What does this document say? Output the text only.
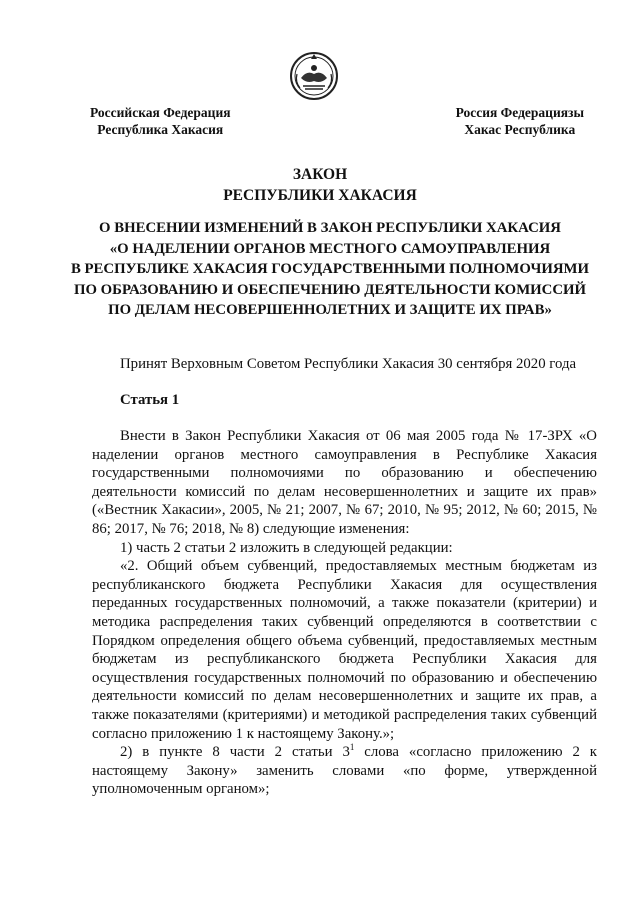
Российская Федерация
Республика Хакасия
Россия Федерациязы
Хакас Республика
ЗАКОН
РЕСПУБЛИКИ ХАКАСИЯ
О ВНЕСЕНИИ ИЗМЕНЕНИЙ В ЗАКОН РЕСПУБЛИКИ ХАКАСИЯ
«О НАДЕЛЕНИИ ОРГАНОВ МЕСТНОГО САМОУПРАВЛЕНИЯ
В РЕСПУБЛИКЕ ХАКАСИЯ ГОСУДАРСТВЕННЫМИ ПОЛНОМОЧИЯМИ
ПО ОБРАЗОВАНИЮ И ОБЕСПЕЧЕНИЮ ДЕЯТЕЛЬНОСТИ КОМИССИЙ
ПО ДЕЛАМ НЕСОВЕРШЕННОЛЕТНИХ И ЗАЩИТЕ ИХ ПРАВ»
Принят Верховным Советом Республики Хакасия 30 сентября 2020 года
Статья 1

Внести в Закон Республики Хакасия от 06 мая 2005 года № 17-ЗРХ «О наделении органов местного самоуправления в Республике Хакасия государственными полномочиями по образованию и обеспечению деятельности комиссий по делам несовершеннолетних и защите их прав» («Вестник Хакасии», 2005, № 21; 2007, № 67; 2010, № 95; 2012, № 60; 2015, № 86; 2017, № 76; 2018, № 8) следующие изменения:

1) часть 2 статьи 2 изложить в следующей редакции:

«2. Общий объем субвенций, предоставляемых местным бюджетам из республиканского бюджета Республики Хакасия для осуществления переданных государственных полномочий, а также показатели (критерии) и методика распределения таких субвенций определяются в соответствии с Порядком определения общего объема субвенций, предоставляемых местным бюджетам из республиканского бюджета Республики Хакасия для осуществления государственных полномочий по образованию и обеспечению деятельности комиссий по делам несовершеннолетних и защите их прав, а также показателями (критериями) и методикой распределения таких субвенций согласно приложению 1 к настоящему Закону.»;

2) в пункте 8 части 2 статьи $3^1$ слова «согласно приложению 2 к настоящему Закону» заменить словами «по форме, утвержденной уполномоченным органом»;
